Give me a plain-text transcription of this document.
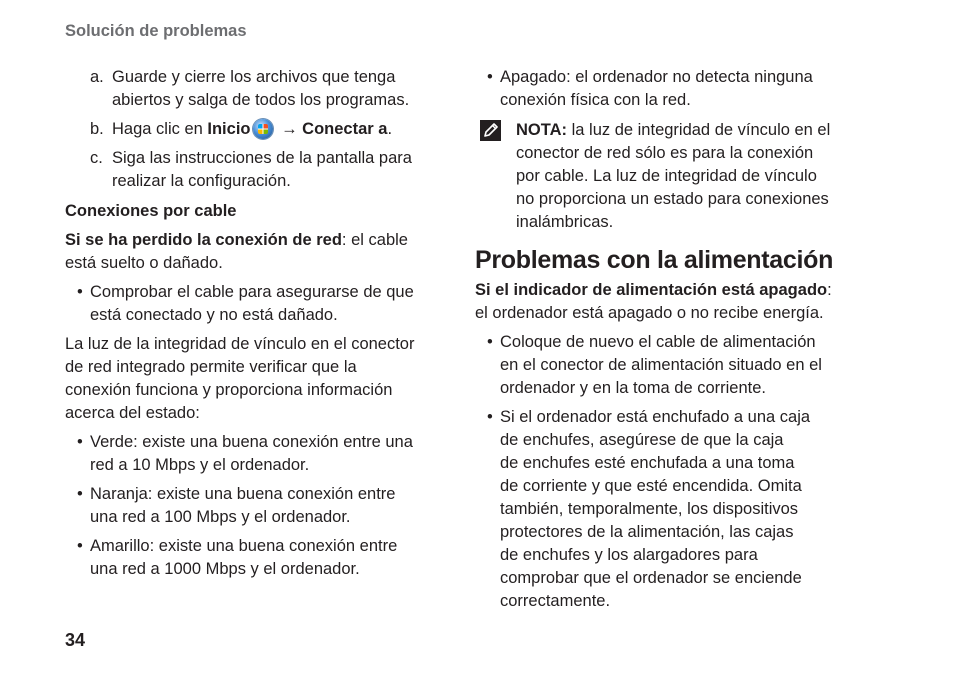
Solución de problemas
a. Guarde y cierre los archivos que tenga
abiertos y salga de todos los programas.
b. Haga clic en Inicio → Conectar a.
c. Siga las instrucciones de la pantalla para
realizar la configuración.
Conexiones por cable
Si se ha perdido la conexión de red: el cable
está suelto o dañado.
• Comprobar el cable para asegurarse de que
está conectado y no está dañado.
La luz de la integridad de vínculo en el conector
de red integrado permite verificar que la
conexión funciona y proporciona información
acerca del estado:
• Verde: existe una buena conexión entre una
red a 10 Mbps y el ordenador.
• Naranja: existe una buena conexión entre
una red a 100 Mbps y el ordenador.
• Amarillo: existe una buena conexión entre
una red a 1000 Mbps y el ordenador.
• Apagado: el ordenador no detecta ninguna
conexión física con la red.
NOTA: la luz de integridad de vínculo en el
conector de red sólo es para la conexión
por cable. La luz de integridad de vínculo
no proporciona un estado para conexiones
inalámbricas.
Problemas con la alimentación
Si el indicador de alimentación está apagado:
el ordenador está apagado o no recibe energía.
• Coloque de nuevo el cable de alimentación
en el conector de alimentación situado en el
ordenador y en la toma de corriente.
• Si el ordenador está enchufado a una caja
de enchufes, asegúrese de que la caja
de enchufes esté enchufada a una toma
de corriente y que esté encendida. Omita
también, temporalmente, los dispositivos
protectores de la alimentación, las cajas
de enchufes y los alargadores para
comprobar que el ordenador se enciende
correctamente.
34
